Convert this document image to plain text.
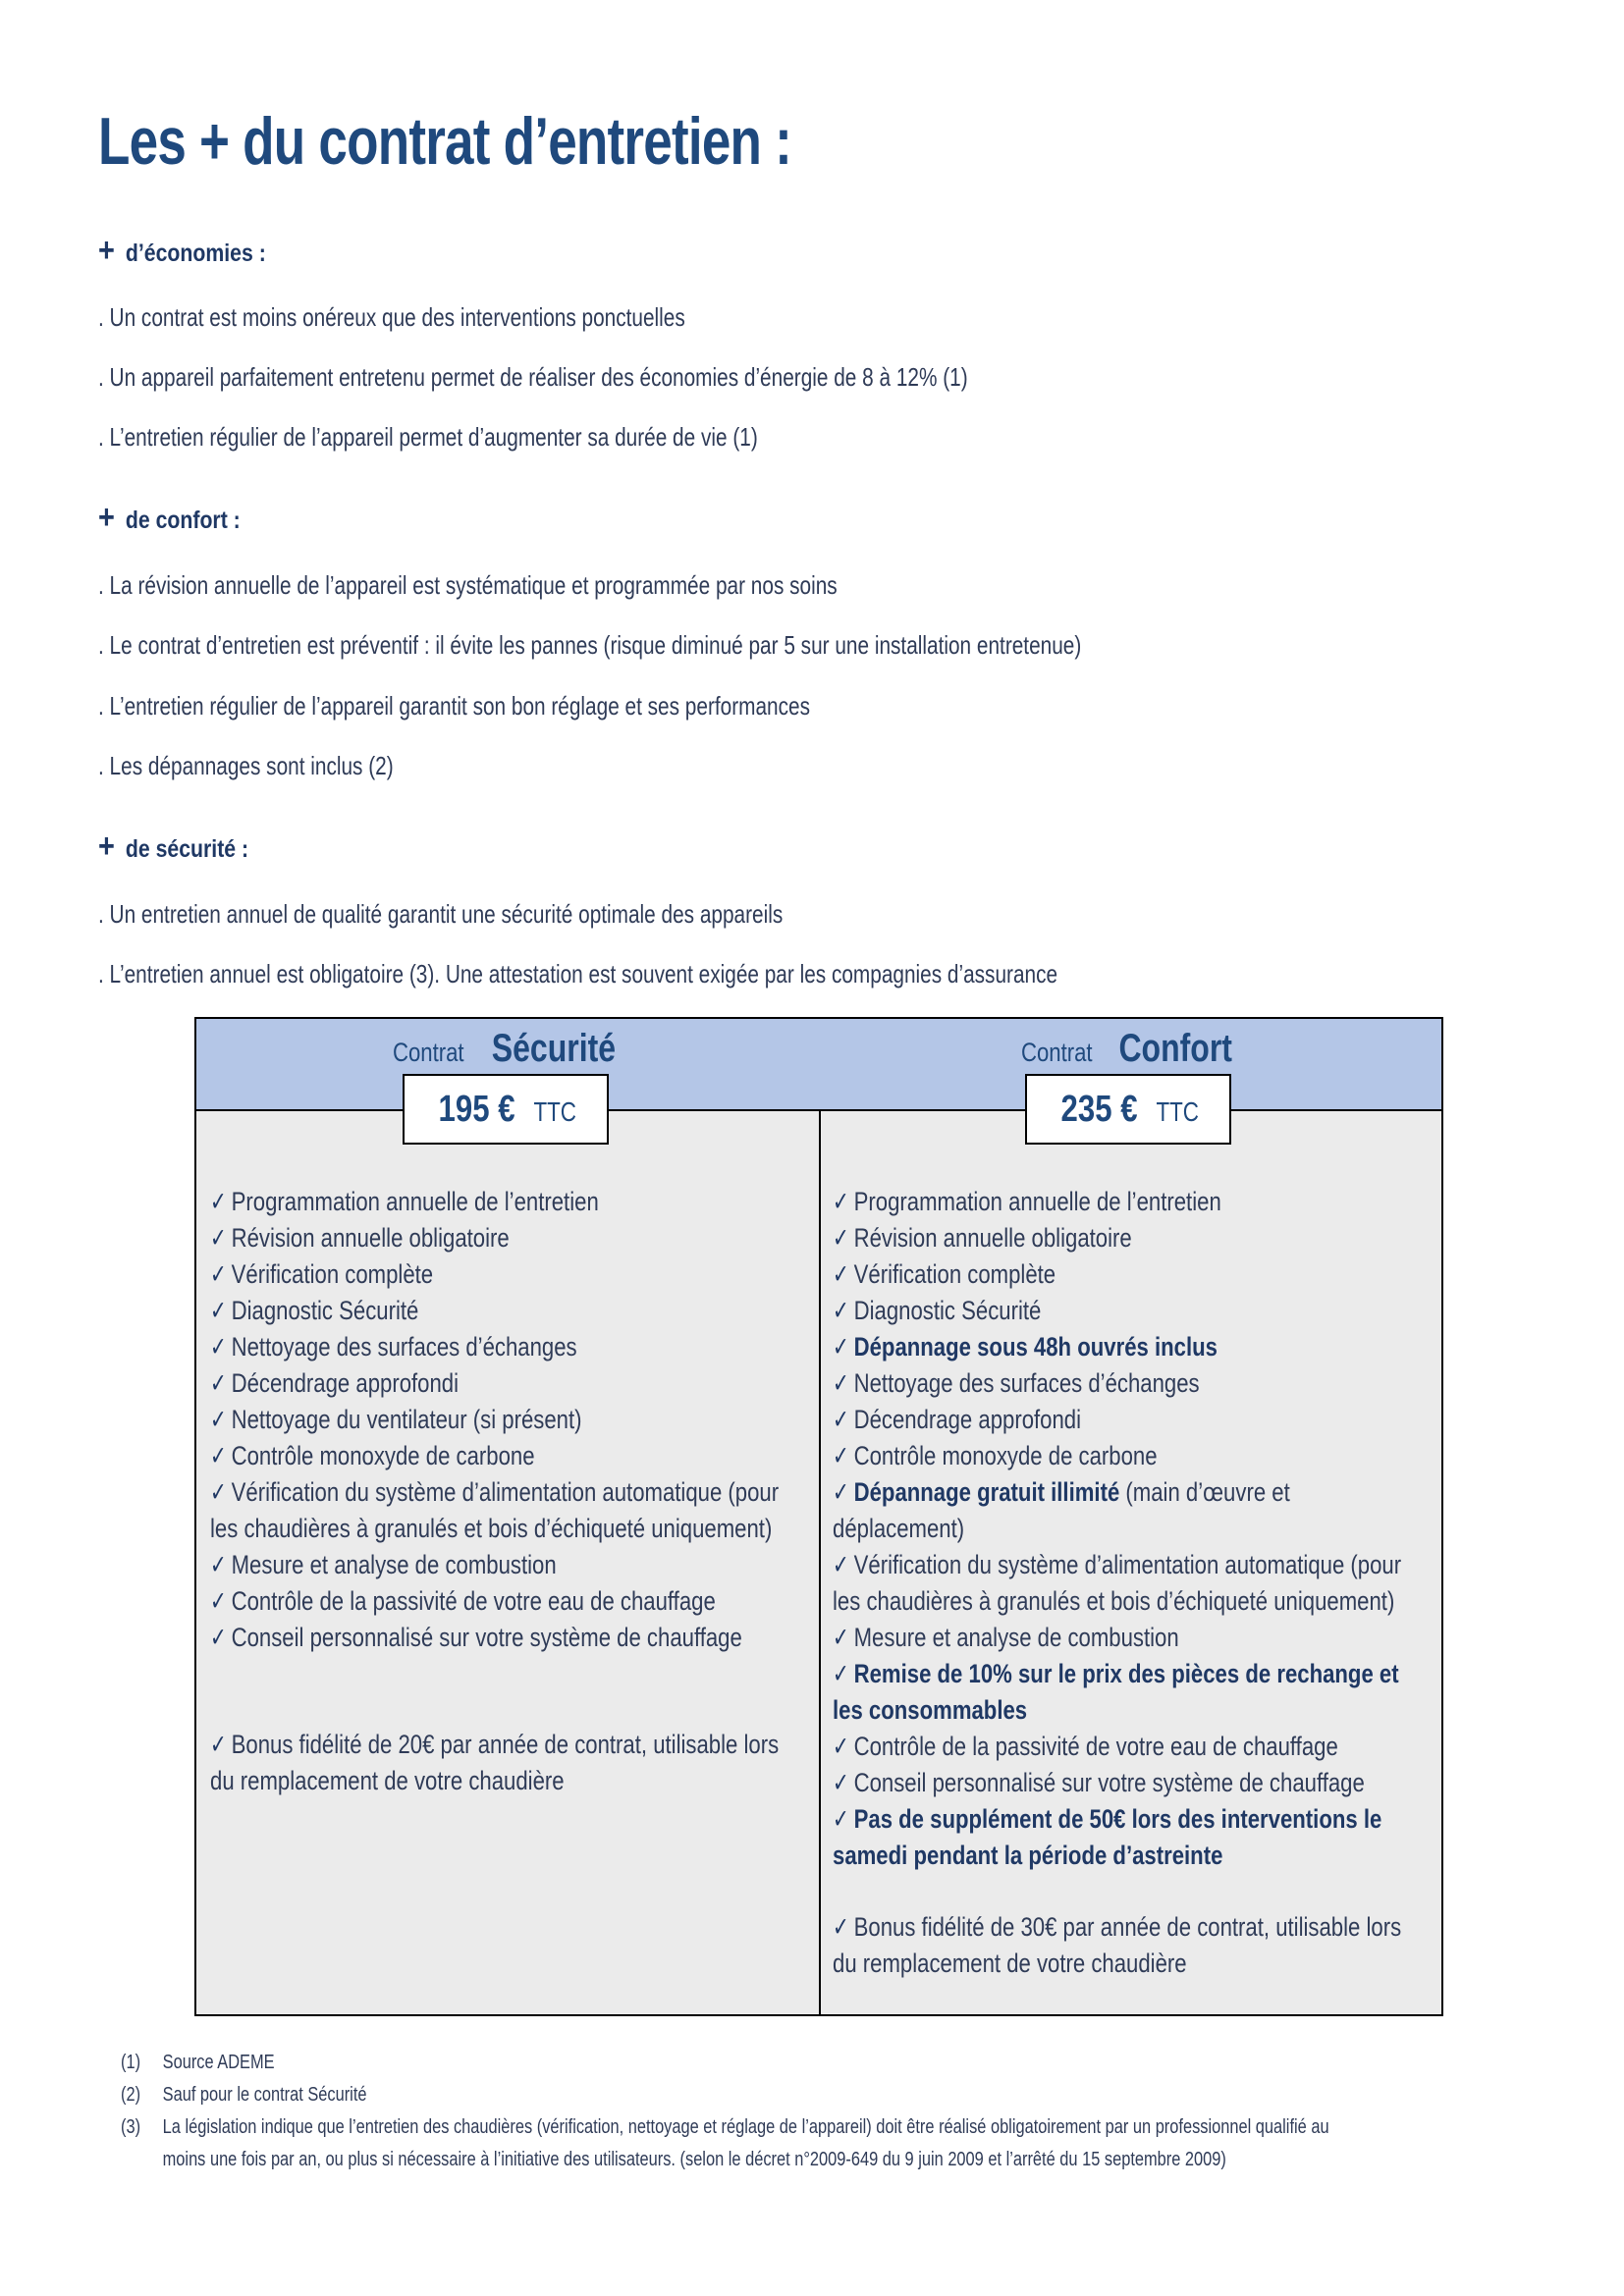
Les + du contrat d’entretien :
+ d’économies :

. Un contrat est moins onéreux que des interventions ponctuelles

. Un appareil parfaitement entretenu permet de réaliser des économies d’énergie de 8 à 12% (1)

. L’entretien régulier de l’appareil permet d’augmenter sa durée de vie (1)

+ de confort :

. La révision annuelle de l’appareil est systématique et programmée par nos soins

. Le contrat d’entretien est préventif : il évite les pannes (risque diminué par 5 sur une installation entretenue)

. L’entretien régulier de l’appareil garantit son bon réglage et ses performances

. Les dépannages sont inclus (2)

+ de sécurité :

. Un entretien annuel de qualité garantit une sécurité optimale des appareils

. L’entretien annuel est obligatoire (3). Une attestation est souvent exigée par les compagnies d’assurance

Contrat Sécurité
195 € TTC
✓ Programmation annuelle de l’entretien
✓ Révision annuelle obligatoire
✓ Vérification complète
✓ Diagnostic Sécurité
✓ Nettoyage des surfaces d’échanges
✓ Décendrage approfondi
✓ Nettoyage du ventilateur (si présent)
✓ Contrôle monoxyde de carbone
✓ Vérification du système d’alimentation automatique (pour
les chaudières à granulés et bois d’échiqueté uniquement)
✓ Mesure et analyse de combustion
✓ Contrôle de la passivité de votre eau de chauffage
✓ Conseil personnalisé sur votre système de chauffage
✓ Bonus fidélité de 20€ par année de contrat, utilisable lors
du remplacement de votre chaudière
Contrat Confort
235 € TTC
✓ Programmation annuelle de l’entretien
✓ Révision annuelle obligatoire
✓ Vérification complète
✓ Diagnostic Sécurité
✓ Dépannage sous 48h ouvrés inclus
✓ Nettoyage des surfaces d’échanges
✓ Décendrage approfondi
✓ Contrôle monoxyde de carbone
✓ Dépannage gratuit illimité (main d’œuvre et
déplacement)
✓ Vérification du système d’alimentation automatique (pour
les chaudières à granulés et bois d’échiqueté uniquement)
✓ Mesure et analyse de combustion
✓ Remise de 10% sur le prix des pièces de rechange et
les consommables
✓ Contrôle de la passivité de votre eau de chauffage
✓ Conseil personnalisé sur votre système de chauffage
✓ Pas de supplément de 50€ lors des interventions le
samedi pendant la période d’astreinte
✓ Bonus fidélité de 30€ par année de contrat, utilisable lors
du remplacement de votre chaudière
(1) Source ADEME
(2) Sauf pour le contrat Sécurité
(3) La législation indique que l’entretien des chaudières (vérification, nettoyage et réglage de l’appareil) doit être réalisé obligatoirement par un professionnel qualifié au
moins une fois par an, ou plus si nécessaire à l’initiative des utilisateurs. (selon le décret n°2009-649 du 9 juin 2009 et l’arrêté du 15 septembre 2009)
